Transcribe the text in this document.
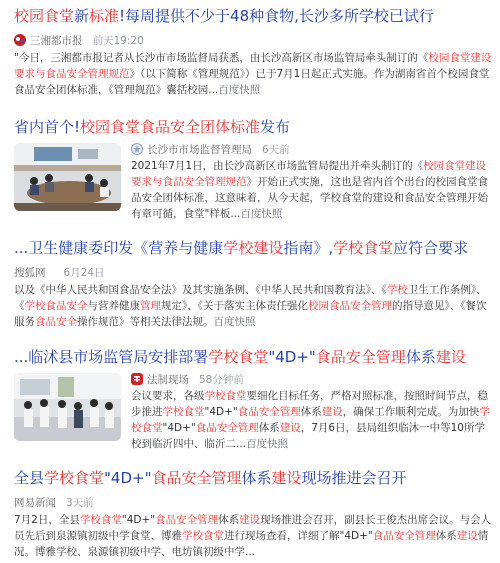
校园食堂新标准!每周提供不少于48种食物,长沙多所学校已试行
三湘都市报 前天19:20
"今日，三湘都市报记者从长沙市市场监督局获悉，由长沙高新区市场监管局牵头制订的《校园食堂建设要求与食品安全管理规范》（以下简称《管理规范》）已于7月1日起正式实施。作为湖南省首个校园食堂食品安全团体标准，《管理规范》囊括校园...百度快照
省内首个!校园食堂食品安全团体标准发布
长沙市市场监督管理局 6天前
2021年7月1日，由长沙高新区市场监管局提出并牵头制订的《校园食堂建设要求与食品安全管理规范》开始正式实施，这也是省内首个出台的校园食堂食品安全团体标准，这意味着，从今天起，学校食堂的建设和食品安全管理开始有章可循，食堂"样板...百度快照
...卫生健康委印发《营养与健康学校建设指南》,学校食堂应符合要求
搜狐网 6月24日
以及《中华人民共和国食品安全法》及其实施条例、《中华人民共和国教育法》、《学校卫生工作条例》、《学校食品安全与营养健康管理规定》、《关于落实主体责任强化校园食品安全管理的指导意见》、《餐饮服务食品安全操作规范》等相关法律法规。百度快照
...临沭县市场监管局安排部署学校食堂"4D+"食品安全管理体系建设
法制现场 58分钟前
会议要求，各级学校食堂要细化目标任务，严格对照标准，按照时间节点，稳步推进学校食堂"4D+"食品安全管理体系建设，确保工作顺利完成。为加快学校食堂"4D+"食品安全管理体系建设，7月6日，县局组织临沐一中等10所学校到临沂四中、临沂二...百度快照
全县学校食堂"4D+"食品安全管理体系建设现场推进会召开
网易新闻 3天前
7月2日，全县学校食堂"4D+"食品安全管理体系建设现场推进会召开，副县长王俊杰出席会议。与会人员先后到泉源镇初级中学食堂、博雅学校食堂进行现场查看，详细了解"4D+"食品安全管理体系建设情况。博雅学校、泉源镇初级中学、电坊镇初级中学...
